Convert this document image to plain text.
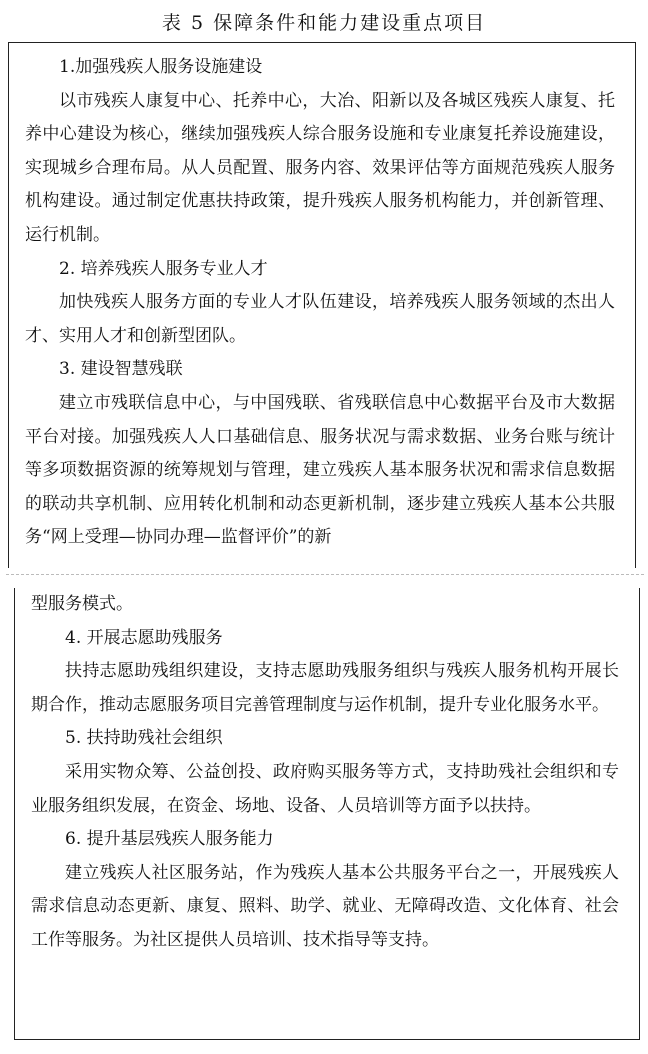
表 5 保障条件和能力建设重点项目

1.加强残疾人服务设施建设

以市残疾人康复中心、托养中心，大冶、阳新以及各城区残疾人康复、托养中心建设为核心，继续加强残疾人综合服务设施和专业康复托养设施建设，实现城乡合理布局。从人员配置、服务内容、效果评估等方面规范残疾人服务机构建设。通过制定优惠扶持政策，提升残疾人服务机构能力，并创新管理、运行机制。

2. 培养残疾人服务专业人才

加快残疾人服务方面的专业人才队伍建设，培养残疾人服务领域的杰出人才、实用人才和创新型团队。

3. 建设智慧残联

建立市残联信息中心，与中国残联、省残联信息中心数据平台及市大数据平台对接。加强残疾人人口基础信息、服务状况与需求数据、业务台账与统计等多项数据资源的统筹规划与管理，建立残疾人基本服务状况和需求信息数据的联动共享机制、应用转化机制和动态更新机制，逐步建立残疾人基本公共服务“网上受理—协同办理—监督评价”的新

型服务模式。

4. 开展志愿助残服务

扶持志愿助残组织建设，支持志愿助残服务组织与残疾人服务机构开展长期合作，推动志愿服务项目完善管理制度与运作机制，提升专业化服务水平。

5. 扶持助残社会组织

采用实物众筹、公益创投、政府购买服务等方式，支持助残社会组织和专业服务组织发展，在资金、场地、设备、人员培训等方面予以扶持。

6. 提升基层残疾人服务能力

建立残疾人社区服务站，作为残疾人基本公共服务平台之一，开展残疾人需求信息动态更新、康复、照料、助学、就业、无障碍改造、文化体育、社会工作等服务。为社区提供人员培训、技术指导等支持。
